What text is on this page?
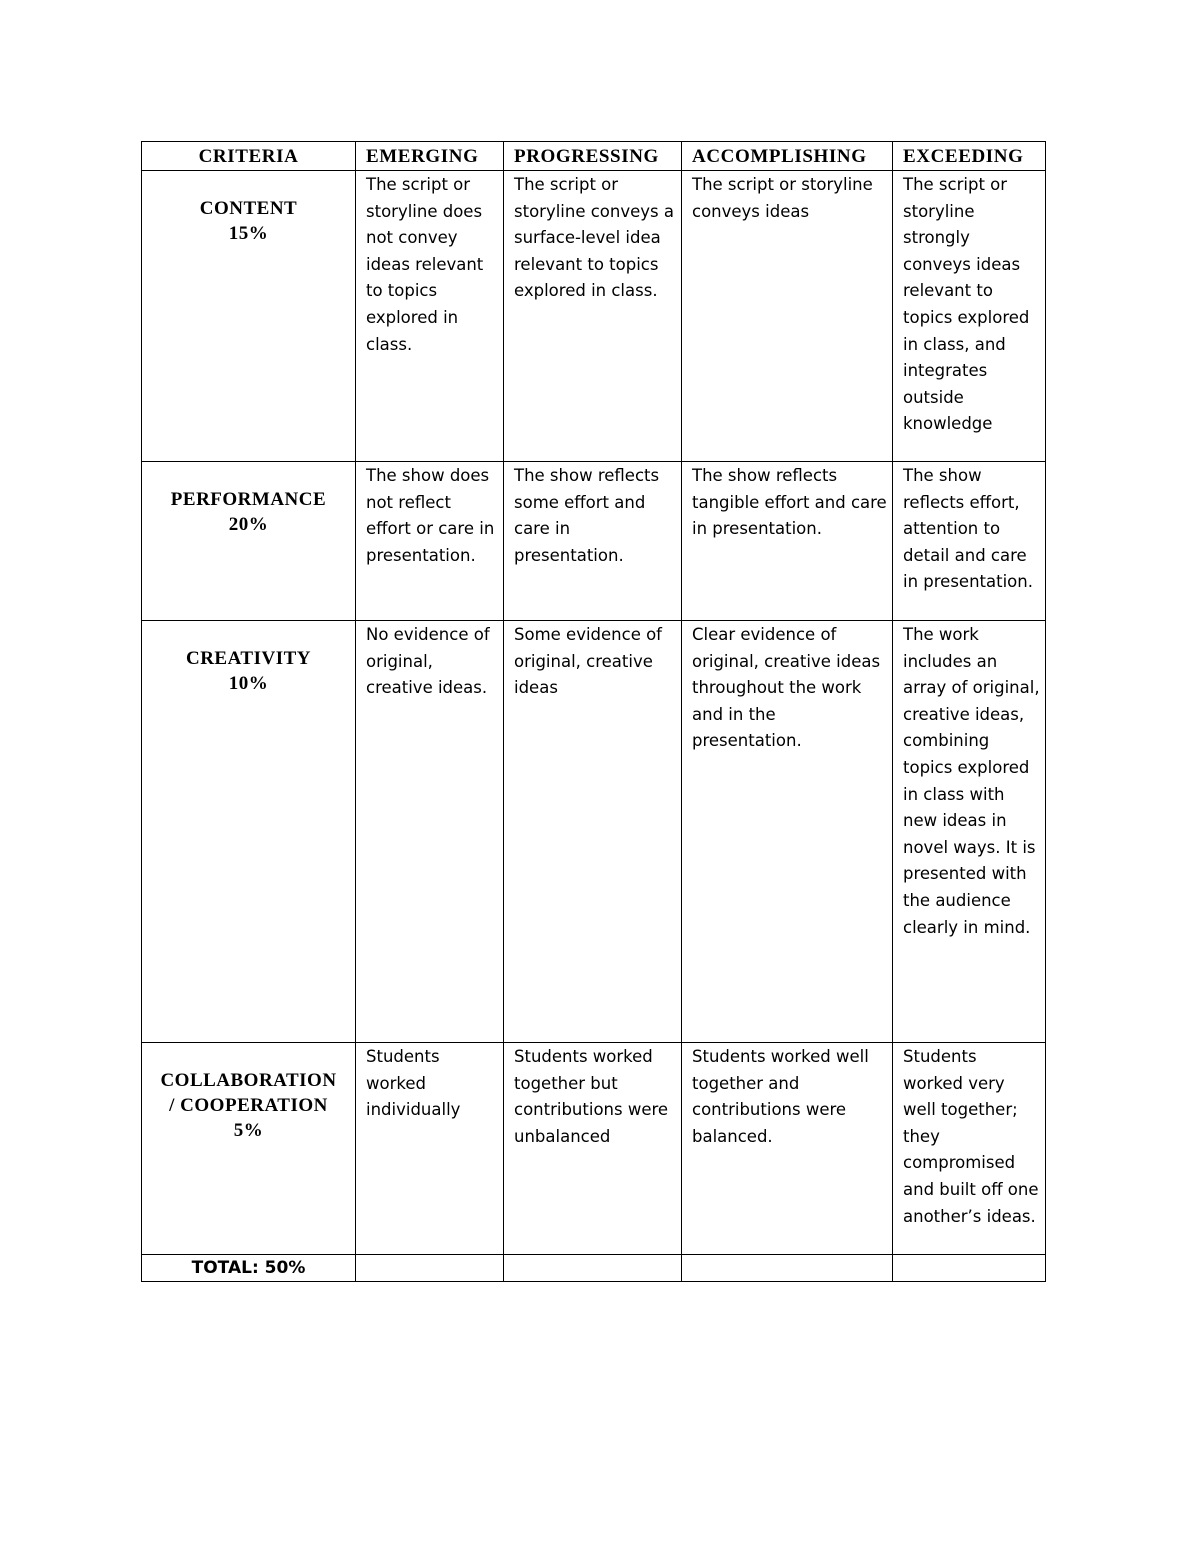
CRITERIA	EMERGING	PROGRESSING	ACCOMPLISHING	EXCEEDING

CONTENT
15%	The script or storyline does not convey ideas relevant to topics explored in class.	The script or storyline conveys a surface-level idea relevant to topics explored in class.	The script or storyline conveys ideas	The script or storyline strongly conveys ideas relevant to topics explored in class, and integrates outside knowledge

PERFORMANCE
20%	The show does not reflect effort or care in presentation.	The show reflects some effort and care in presentation.	The show reflects tangible effort and care in presentation.	The show reflects effort, attention to detail and care in presentation.

CREATIVITY
10%	No evidence of original, creative ideas.	Some evidence of original, creative ideas	Clear evidence of original, creative ideas throughout the work and in the presentation.	The work includes an array of original, creative ideas, combining topics explored in class with new ideas in novel ways. It is presented with the audience clearly in mind.

COLLABORATION
/ COOPERATION
5%	Students worked individually	Students worked together but contributions were unbalanced	Students worked well together and contributions were balanced.	Students worked very well together; they compromised and built off one another’s ideas.
TOTAL: 50%				
